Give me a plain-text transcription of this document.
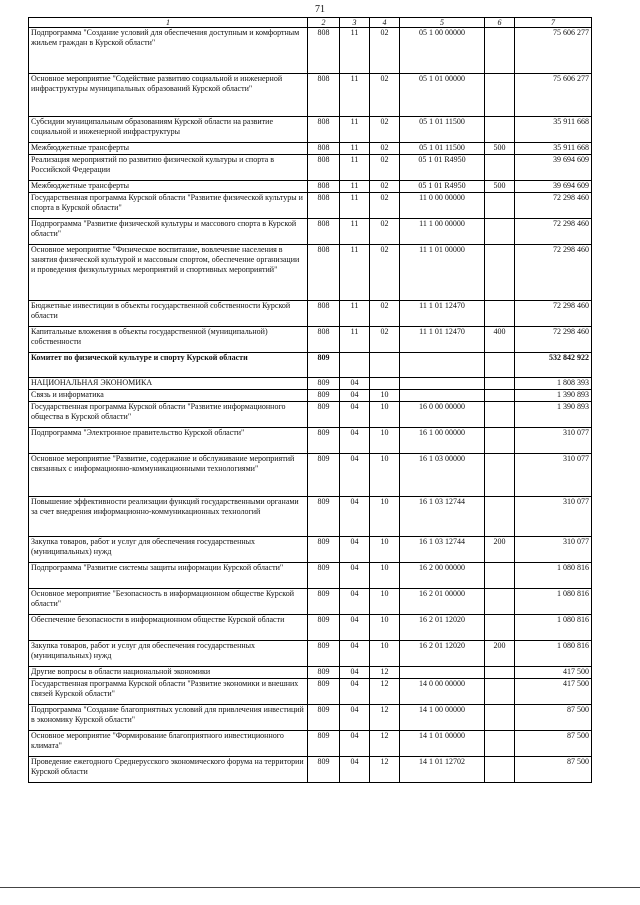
71
1	2	3	4	5	6	7
Подпрограмма "Создание условий для обеспечения доступным и комфортным жильем граждан в Курской области"	808	11	02	05 1 00 00000		75 606 277
Основное мероприятие "Содействие развитию социальной и инженерной инфраструктуры муниципальных образований Курской области"	808	11	02	05 1 01 00000		75 606 277
Субсидии муниципальным образованиям Курской области на развитие социальной и инженерной инфраструктуры	808	11	02	05 1 01 11500		35 911 668
Межбюджетные трансферты	808	11	02	05 1 01 11500	500	35 911 668
Реализация мероприятий по развитию физической культуры и спорта в Российской Федерации	808	11	02	05 1 01 R4950		39 694 609
Межбюджетные трансферты	808	11	02	05 1 01 R4950	500	39 694 609
Государственная программа Курской области "Развитие физической культуры и спорта в Курской области"	808	11	02	11 0 00 00000		72 298 460
Подпрограмма "Развитие физической культуры и массового спорта в Курской области"	808	11	02	11 1 00 00000		72 298 460
Основное мероприятие "Физическое воспитание, вовлечение населения в занятия физической культурой и массовым спортом, обеспечение организации и проведения физкультурных мероприятий и спортивных мероприятий"	808	11	02	11 1 01 00000		72 298 460
Бюджетные инвестиции в объекты государственной собственности Курской области	808	11	02	11 1 01 12470		72 298 460
Капитальные вложения в объекты государственной (муниципальной) собственности	808	11	02	11 1 01 12470	400	72 298 460
Комитет по физической культуре и спорту Курской области	809					532 842 922
НАЦИОНАЛЬНАЯ ЭКОНОМИКА	809	04				1 808 393
Связь и информатика	809	04	10			1 390 893
Государственная программа Курской области "Развитие информационного общества в Курской области"	809	04	10	16 0 00 00000		1 390 893
Подпрограмма "Электронное правительство Курской области"	809	04	10	16 1 00 00000		310 077
Основное мероприятие "Развитие, содержание и обслуживание мероприятий связанных с информационно-коммуникационными технологиями"	809	04	10	16 1 03 00000		310 077
Повышение эффективности реализации функций государственными органами за счет внедрения информационно-коммуникационных технологий	809	04	10	16 1 03 12744		310 077
Закупка товаров, работ и услуг для обеспечения государственных (муниципальных) нужд	809	04	10	16 1 03 12744	200	310 077
Подпрограмма "Развитие системы защиты информации Курской области"	809	04	10	16 2 00 00000		1 080 816
Основное мероприятие "Безопасность в информационном обществе Курской области"	809	04	10	16 2 01 00000		1 080 816
Обеспечение безопасности в информационном обществе Курской области	809	04	10	16 2 01 12020		1 080 816
Закупка товаров, работ и услуг для обеспечения государственных (муниципальных) нужд	809	04	10	16 2 01 12020	200	1 080 816
Другие вопросы в области национальной экономики	809	04	12			417 500
Государственная программа Курской области "Развитие экономики и внешних связей Курской области"	809	04	12	14 0 00 00000		417 500
Подпрограмма "Создание благоприятных условий для привлечения инвестиций в экономику Курской области"	809	04	12	14 1 00 00000		87 500
Основное мероприятие "Формирование благоприятного инвестиционного климата"	809	04	12	14 1 01 00000		87 500
Проведение ежегодного Среднерусского экономического форума на территории Курской области	809	04	12	14 1 01 12702		87 500
